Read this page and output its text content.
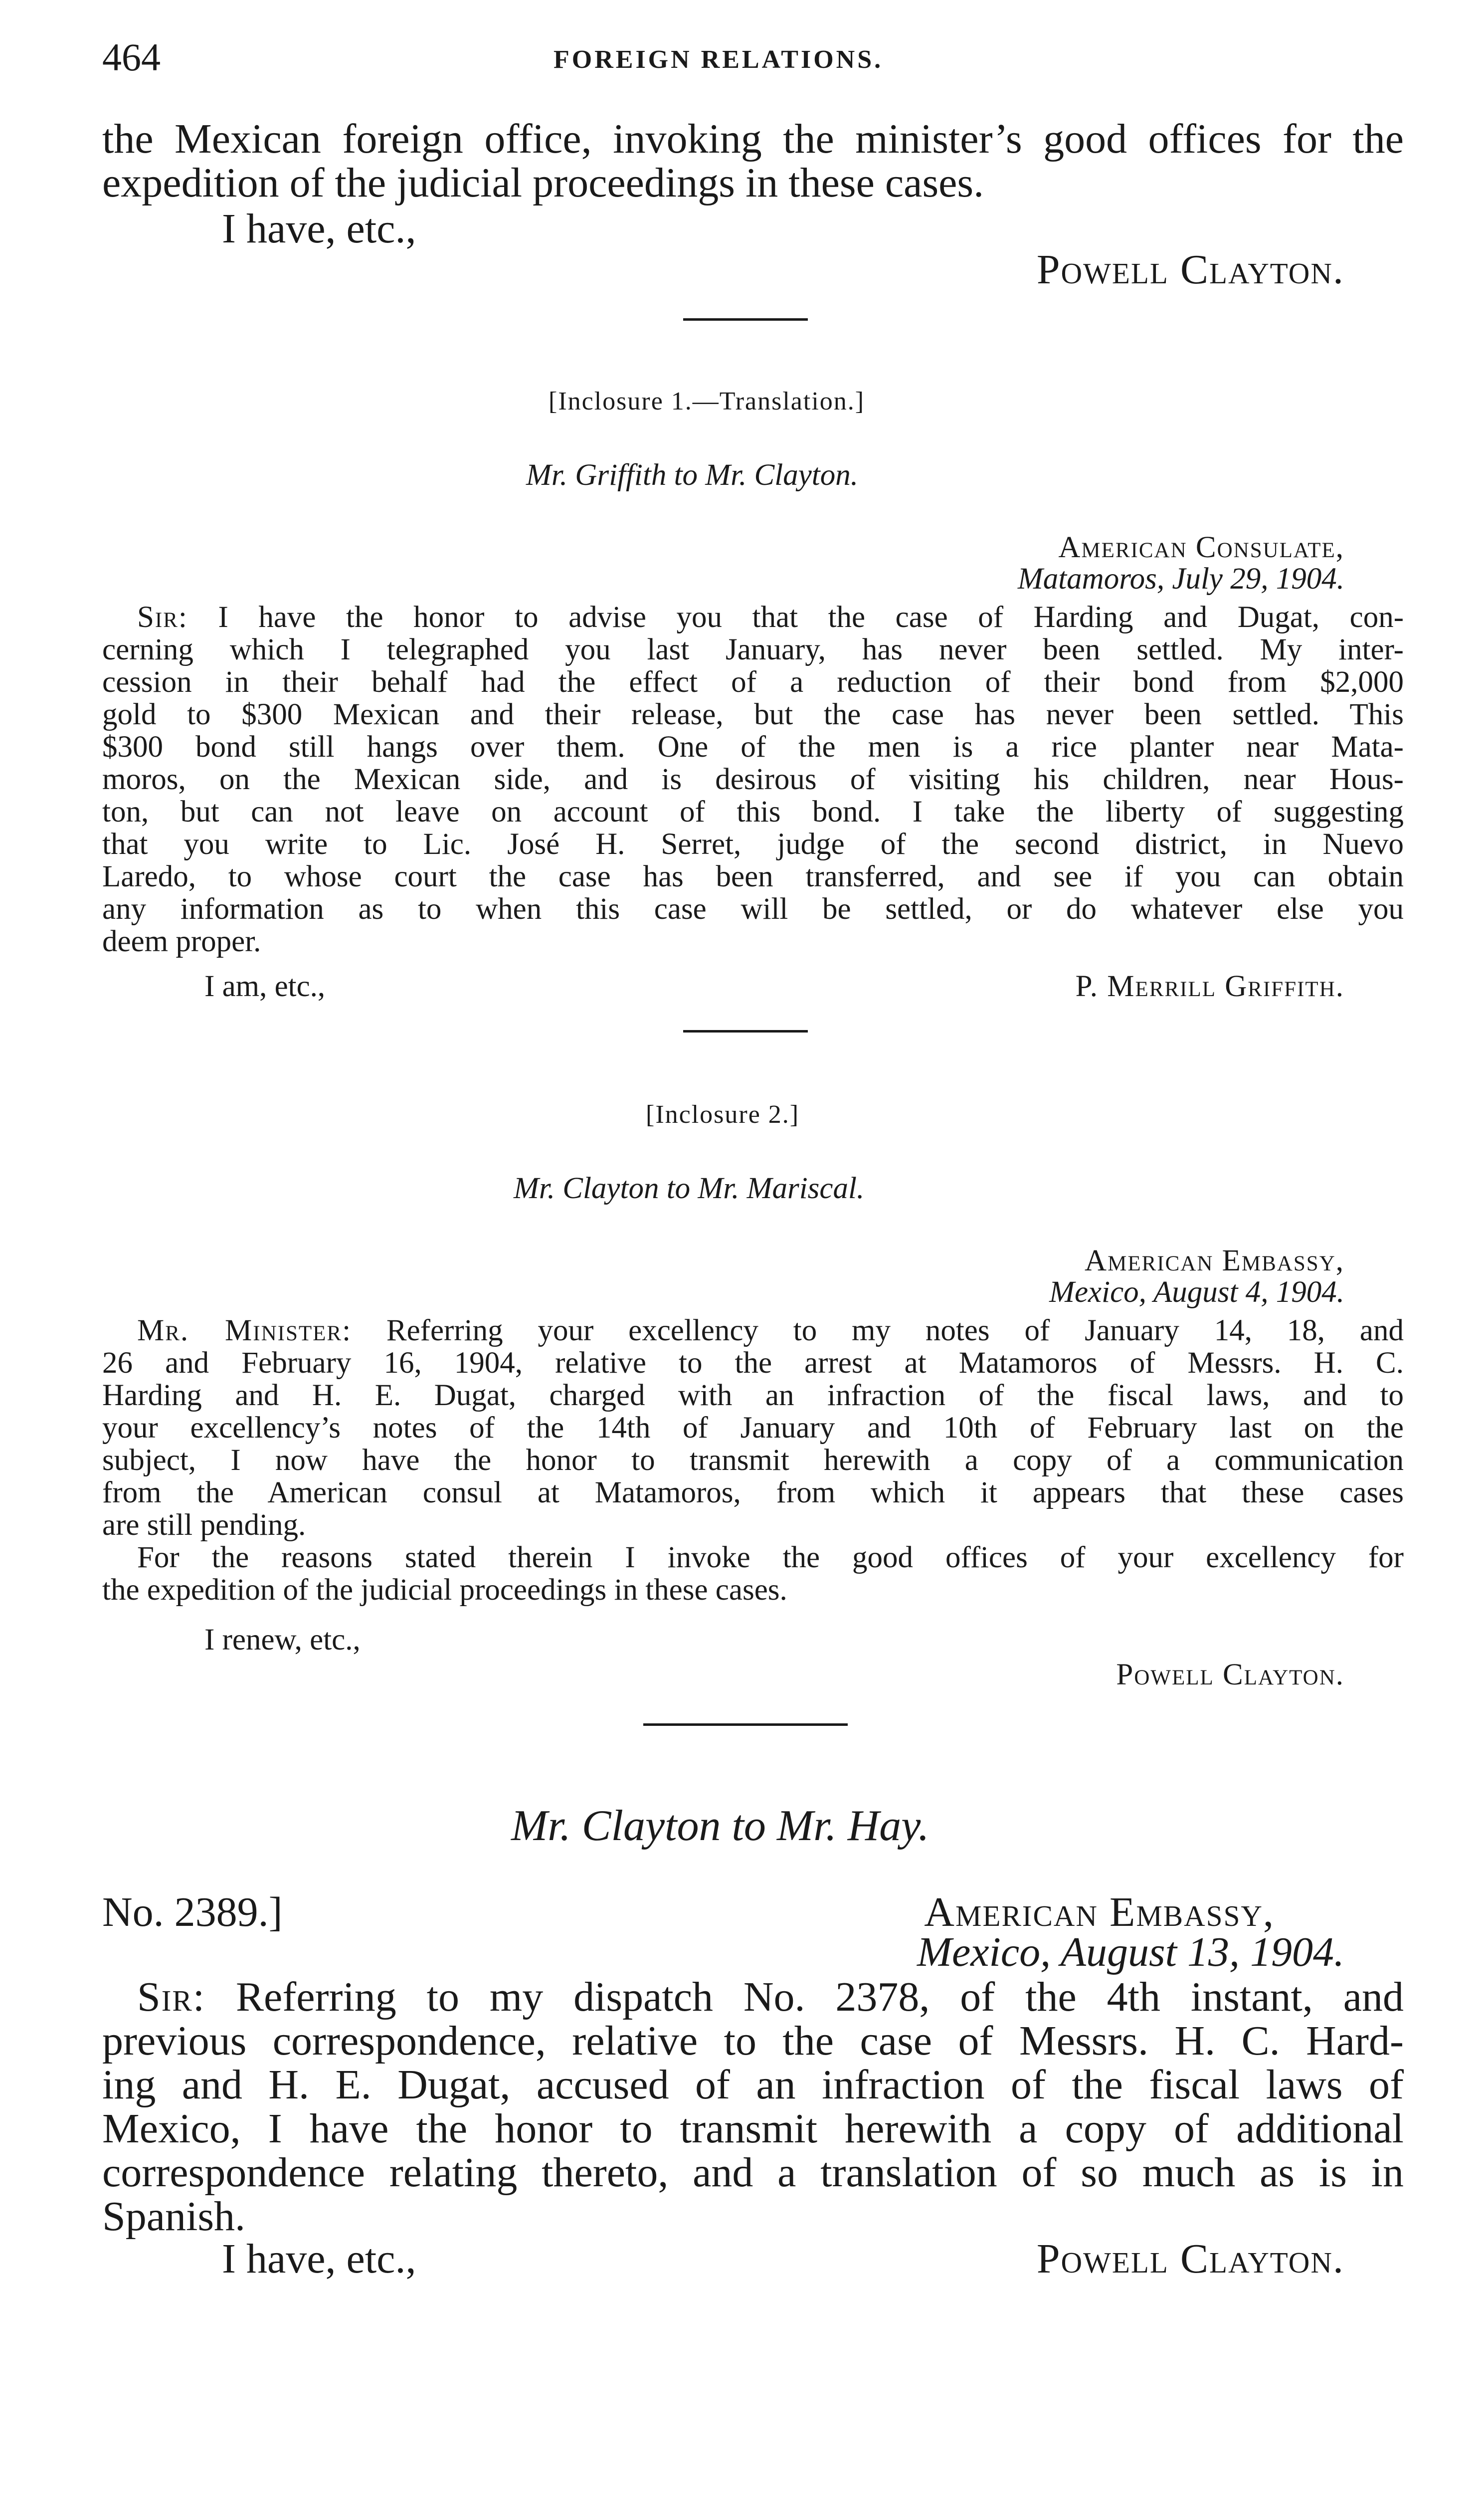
464	FOREIGN RELATIONS.
the Mexican foreign office, invoking the minister’s good offices for the
expedition of the judicial proceedings in these cases.
I have, etc.,
Powell Clayton.
[Inclosure 1.—Translation.]
Mr. Griffith to Mr. Clayton.
American Consulate,
Matamoros, July 29, 1904.
Sir: I have the honor to advise you that the case of Harding and Dugat, con-
cerning which I telegraphed you last January, has never been settled. My inter-
cession in their behalf had the effect of a reduction of their bond from $2,000
gold to $300 Mexican and their release, but the case has never been settled. This
$300 bond still hangs over them. One of the men is a rice planter near Mata-
moros, on the Mexican side, and is desirous of visiting his children, near Hous-
ton, but can not leave on account of this bond. I take the liberty of suggesting
that you write to Lic. José H. Serret, judge of the second district, in Nuevo
Laredo, to whose court the case has been transferred, and see if you can obtain
any information as to when this case will be settled, or do whatever else you
deem proper.
I am, etc.,	P. Merrill Griffith.
[Inclosure 2.]
Mr. Clayton to Mr. Mariscal.
American Embassy,
Mexico, August 4, 1904.
Mr. Minister: Referring your excellency to my notes of January 14, 18, and
26 and February 16, 1904, relative to the arrest at Matamoros of Messrs. H. C.
Harding and H. E. Dugat, charged with an infraction of the fiscal laws, and to
your excellency’s notes of the 14th of January and 10th of February last on the
subject, I now have the honor to transmit herewith a copy of a communication
from the American consul at Matamoros, from which it appears that these cases
are still pending.
For the reasons stated therein I invoke the good offices of your excellency for
the expedition of the judicial proceedings in these cases.
I renew, etc.,
Powell Clayton.
Mr. Clayton to Mr. Hay.
No. 2389.]	American Embassy,
Mexico, August 13, 1904.
Sir: Referring to my dispatch No. 2378, of the 4th instant, and
previous correspondence, relative to the case of Messrs. H. C. Hard-
ing and H. E. Dugat, accused of an infraction of the fiscal laws of
Mexico, I have the honor to transmit herewith a copy of additional
correspondence relating thereto, and a translation of so much as is in
Spanish.
I have, etc.,	Powell Clayton.
